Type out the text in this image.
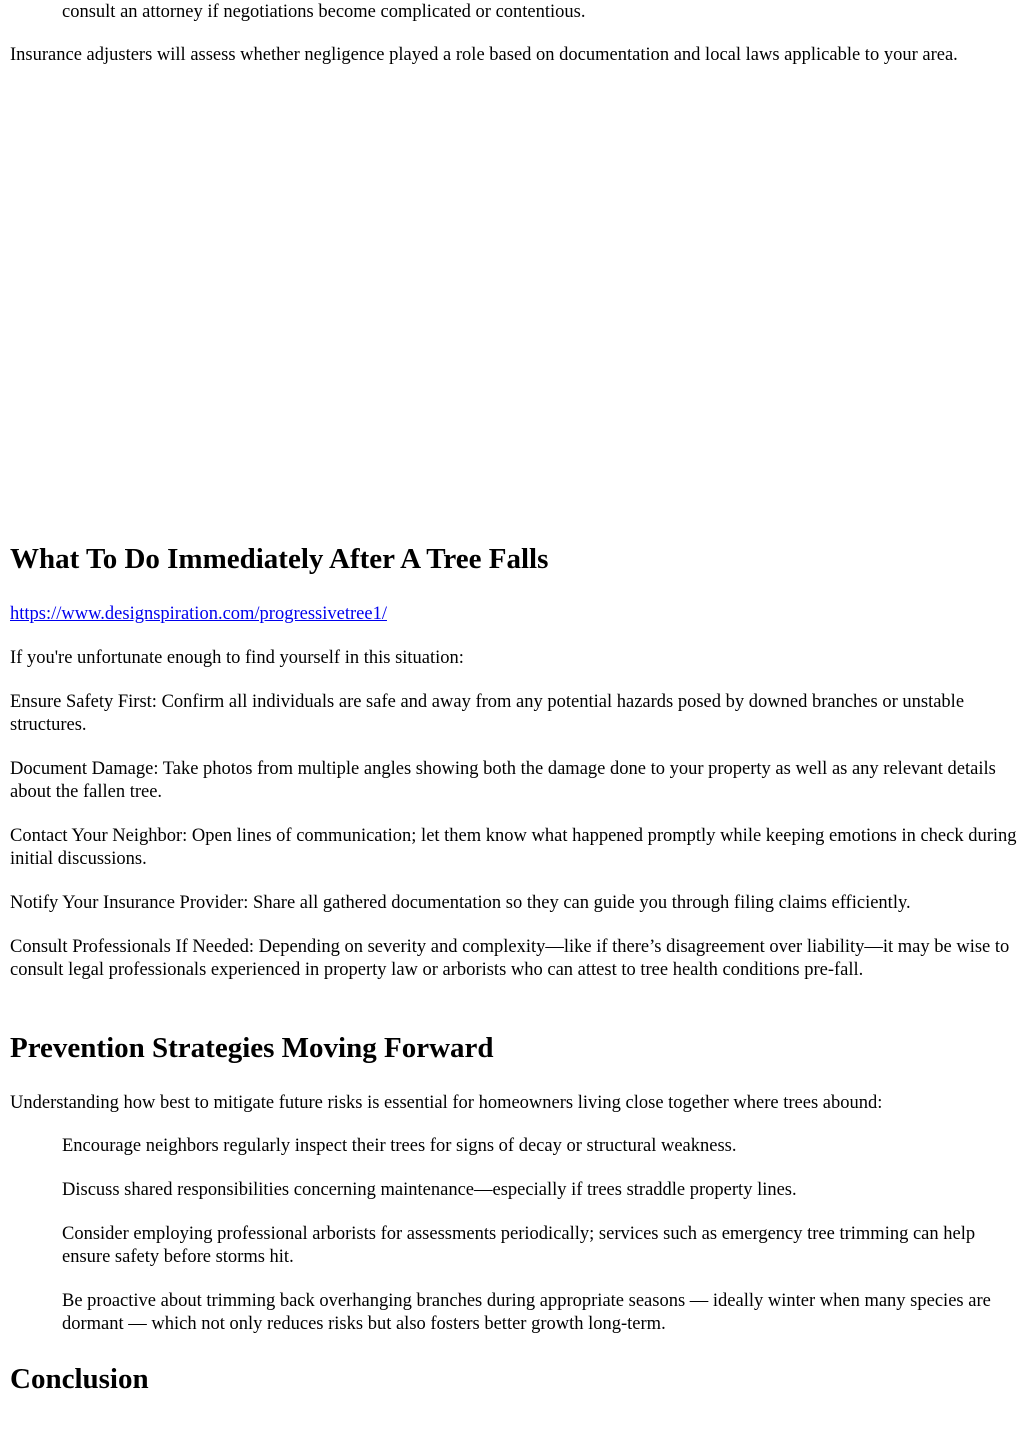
consult an attorney if negotiations become complicated or contentious.

Insurance adjusters will assess whether negligence played a role based on documentation and local laws applicable to your area.

What To Do Immediately After A Tree Falls

https://www.designspiration.com/progressivetree1/

If you're unfortunate enough to find yourself in this situation:

Ensure Safety First: Confirm all individuals are safe and away from any potential hazards posed by downed branches or unstable structures.

Document Damage: Take photos from multiple angles showing both the damage done to your property as well as any relevant details about the fallen tree.

Contact Your Neighbor: Open lines of communication; let them know what happened promptly while keeping emotions in check during initial discussions.

Notify Your Insurance Provider: Share all gathered documentation so they can guide you through filing claims efficiently.

Consult Professionals If Needed: Depending on severity and complexity—like if there’s disagreement over liability—it may be wise to consult legal professionals experienced in property law or arborists who can attest to tree health conditions pre-fall.

Prevention Strategies Moving Forward

Understanding how best to mitigate future risks is essential for homeowners living close together where trees abound:

Encourage neighbors regularly inspect their trees for signs of decay or structural weakness.

Discuss shared responsibilities concerning maintenance—especially if trees straddle property lines.

Consider employing professional arborists for assessments periodically; services such as emergency tree trimming can help ensure safety before storms hit.

Be proactive about trimming back overhanging branches during appropriate seasons — ideally winter when many species are dormant — which not only reduces risks but also fosters better growth long-term.

Conclusion
